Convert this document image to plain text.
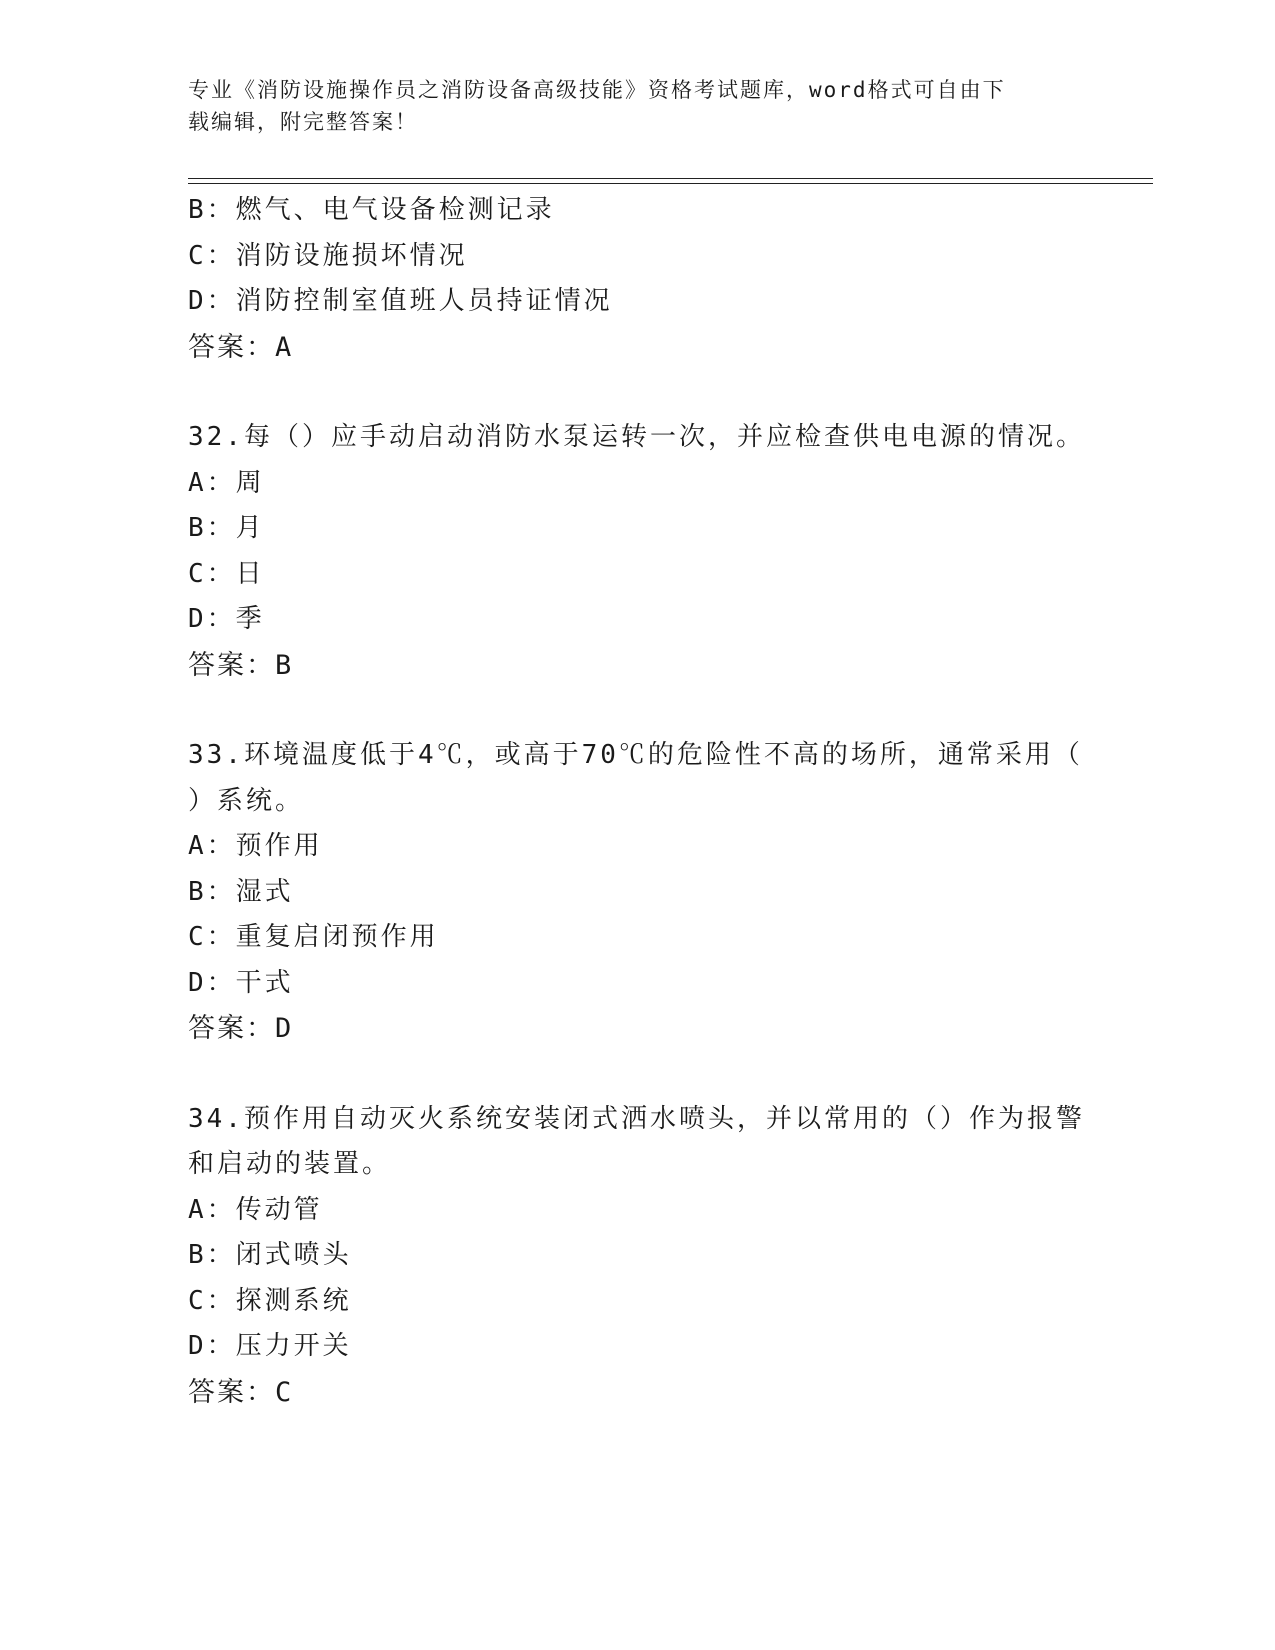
专业《消防设施操作员之消防设备高级技能》资格考试题库，word格式可自由下
载编辑，附完整答案！
B：燃气、电气设备检测记录
C：消防设施损坏情况
D：消防控制室值班人员持证情况
答案：A
32.每（）应手动启动消防水泵运转一次，并应检查供电电源的情况。
A：周
B：月
C：日
D：季
答案：B
33.环境温度低于4℃，或高于70℃的危险性不高的场所，通常采用（
）系统。
A：预作用
B：湿式
C：重复启闭预作用
D：干式
答案：D
34.预作用自动灭火系统安装闭式洒水喷头，并以常用的（）作为报警
和启动的装置。
A：传动管
B：闭式喷头
C：探测系统
D：压力开关
答案：C
